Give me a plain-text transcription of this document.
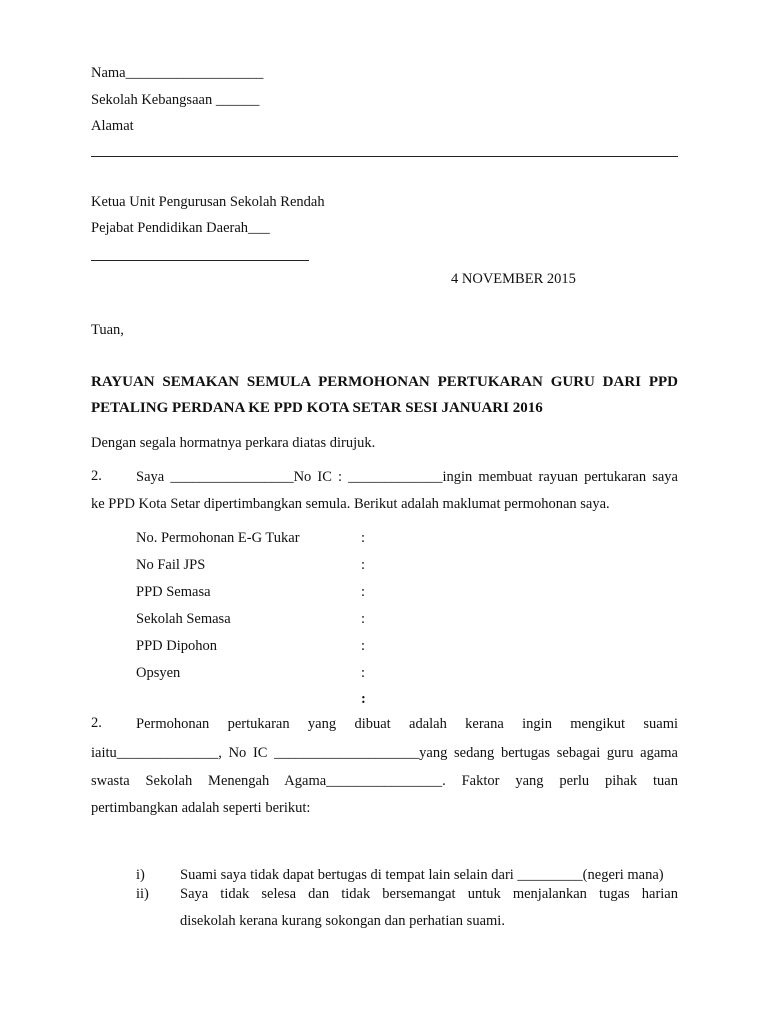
Nama___________________
Sekolah Kebangsaan ______
Alamat
Ketua Unit Pengurusan Sekolah Rendah
Pejabat Pendidikan Daerah___
4 NOVEMBER 2015
Tuan,
RAYUAN SEMAKAN SEMULA PERMOHONAN PERTUKARAN GURU DARI PPD
PETALING PERDANA KE PPD KOTA SETAR SESI JANUARI 2016
Dengan segala hormatnya perkara diatas dirujuk.
2. Saya _________________No IC : _____________ingin membuat rayuan pertukaran saya
ke PPD Kota Setar dipertimbangkan semula. Berikut adalah maklumat permohonan saya.
No. Permohonan E-G Tukar	:
No Fail JPS	:
PPD Semasa	:
Sekolah Semasa	:
PPD Dipohon	:
Opsyen	:
:
2. Permohonan pertukaran yang dibuat adalah kerana ingin mengikut suami
iaitu______________, No IC ____________________yang sedang bertugas sebagai guru agama
swasta Sekolah Menengah Agama________________. Faktor yang perlu pihak tuan
pertimbangkan adalah seperti berikut:
i) Suami saya tidak dapat bertugas di tempat lain selain dari _________(negeri mana)
ii) Saya tidak selesa dan tidak bersemangat untuk menjalankan tugas harian
disekolah kerana kurang sokongan dan perhatian suami.
